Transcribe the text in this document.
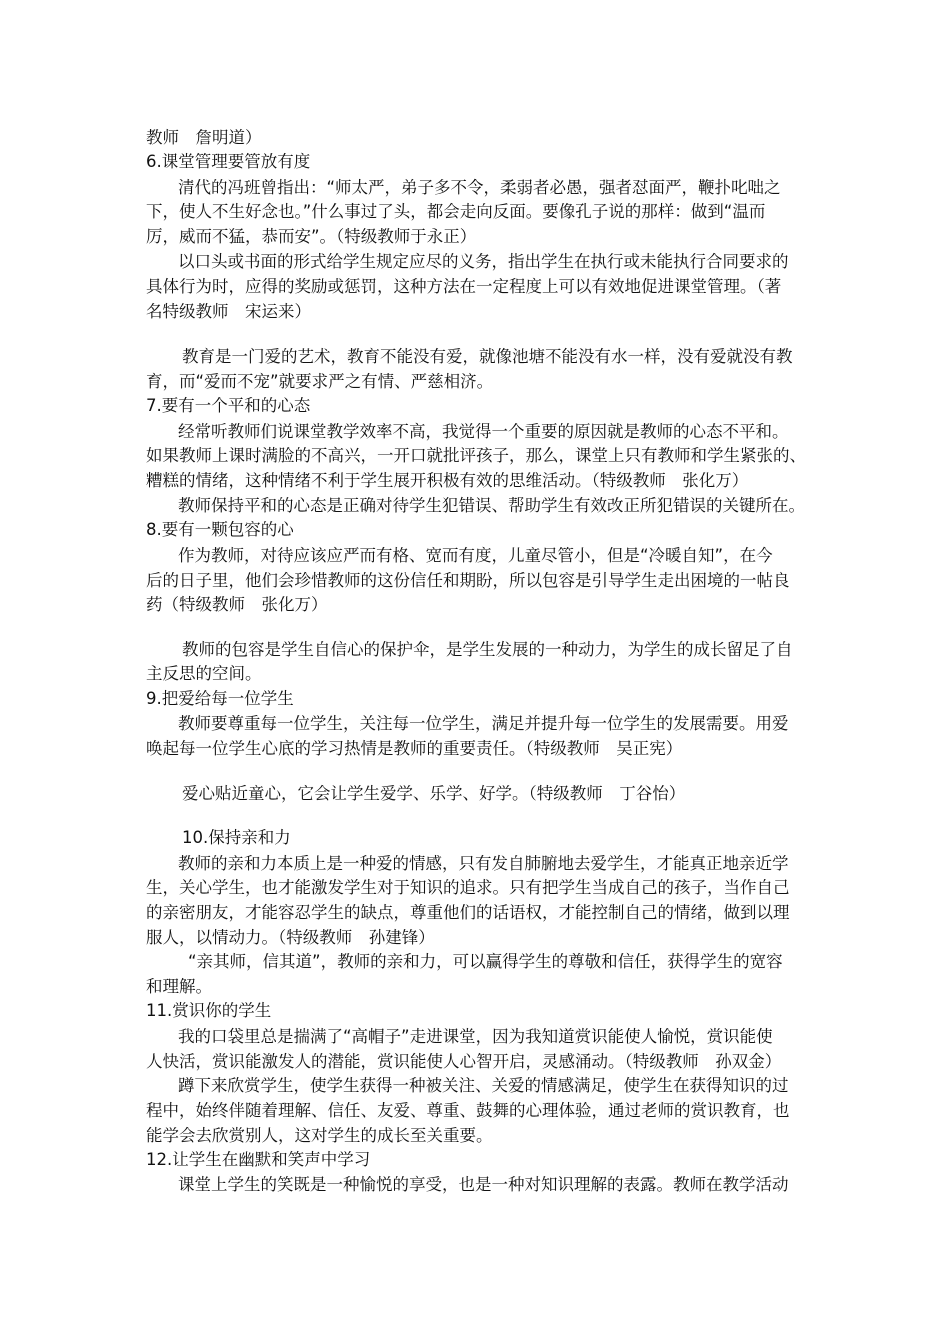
教师　詹明道）
6.课堂管理要管放有度
清代的冯班曾指出：“师太严，弟子多不令，柔弱者必愚，强者怼面严，鞭扑叱咄之
下，使人不生好念也。”什么事过了头，都会走向反面。要像孔子说的那样：做到“温而
厉，威而不猛，恭而安”。（特级教师于永正）
以口头或书面的形式给学生规定应尽的义务，指出学生在执行或未能执行合同要求的
具体行为时，应得的奖励或惩罚，这种方法在一定程度上可以有效地促进课堂管理。（著
名特级教师　宋运来）
教育是一门爱的艺术，教育不能没有爱，就像池塘不能没有水一样，没有爱就没有教
育，而“爱而不宠”就要求严之有情、严慈相济。
7.要有一个平和的心态
经常听教师们说课堂教学效率不高，我觉得一个重要的原因就是教师的心态不平和。
如果教师上课时满脸的不高兴，一开口就批评孩子，那么，课堂上只有教师和学生紧张的、
糟糕的情绪，这种情绪不利于学生展开积极有效的思维活动。（特级教师　张化万）
教师保持平和的心态是正确对待学生犯错误、帮助学生有效改正所犯错误的关键所在。
8.要有一颗包容的心
作为教师，对待应该应严而有格、宽而有度，儿童尽管小，但是“冷暖自知”，在今
后的日子里，他们会珍惜教师的这份信任和期盼，所以包容是引导学生走出困境的一帖良
药（特级教师　张化万）
教师的包容是学生自信心的保护伞，是学生发展的一种动力，为学生的成长留足了自
主反思的空间。
9.把爱给每一位学生
教师要尊重每一位学生，关注每一位学生，满足并提升每一位学生的发展需要。用爱
唤起每一位学生心底的学习热情是教师的重要责任。（特级教师　吴正宪）
爱心贴近童心，它会让学生爱学、乐学、好学。（特级教师　丁谷怡）
10.保持亲和力
教师的亲和力本质上是一种爱的情感，只有发自肺腑地去爱学生，才能真正地亲近学
生，关心学生，也才能激发学生对于知识的追求。只有把学生当成自己的孩子，当作自己
的亲密朋友，才能容忍学生的缺点，尊重他们的话语权，才能控制自己的情绪，做到以理
服人，以情动力。（特级教师　孙建锋）
“亲其师，信其道”，教师的亲和力，可以赢得学生的尊敬和信任，获得学生的宽容
和理解。
11.赏识你的学生
我的口袋里总是揣满了“高帽子”走进课堂，因为我知道赏识能使人愉悦，赏识能使
人快活，赏识能激发人的潜能，赏识能使人心智开启，灵感涌动。（特级教师　孙双金）
蹲下来欣赏学生，使学生获得一种被关注、关爱的情感满足，使学生在获得知识的过
程中，始终伴随着理解、信任、友爱、尊重、鼓舞的心理体验，通过老师的赏识教育，也
能学会去欣赏别人，这对学生的成长至关重要。
12.让学生在幽默和笑声中学习
课堂上学生的笑既是一种愉悦的享受，也是一种对知识理解的表露。教师在教学活动
